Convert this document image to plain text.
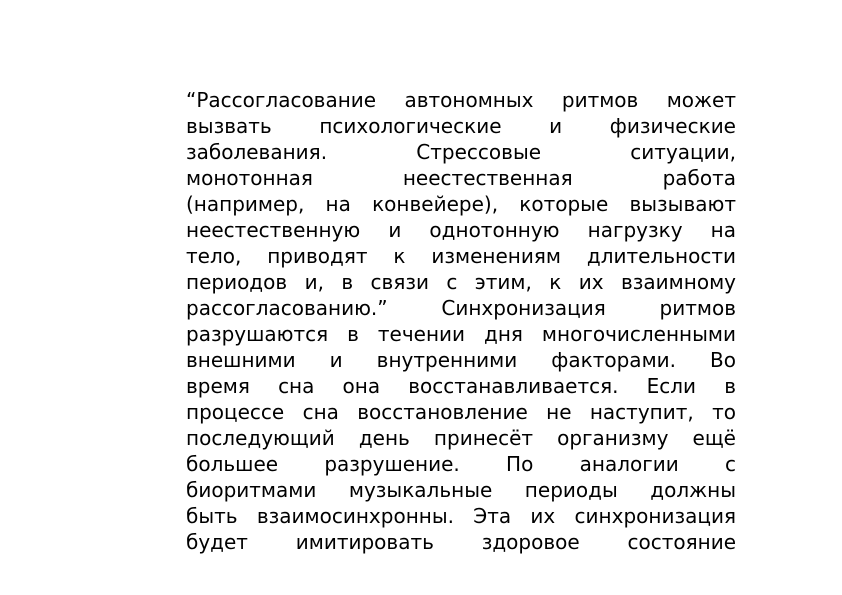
“Рассогласование автономных ритмов может
вызвать психологические и физические
заболевания. Стрессовые ситуации,
монотонная неестественная работа
(например, на конвейере), которые вызывают
неестественную и однотонную нагрузку на
тело, приводят к изменениям длительности
периодов и, в связи с этим, к их взаимному
рассогласованию.” Синхронизация ритмов
разрушаются в течении дня многочисленными
внешними и внутренними факторами. Во
время сна она восстанавливается. Если в
процессе сна восстановление не наступит, то
последующий день принесёт организму ещё
большее разрушение. По аналогии с
биоритмами музыкальные периоды должны
быть взаимосинхронны. Эта их синхронизация
будет имитировать здоровое состояние
